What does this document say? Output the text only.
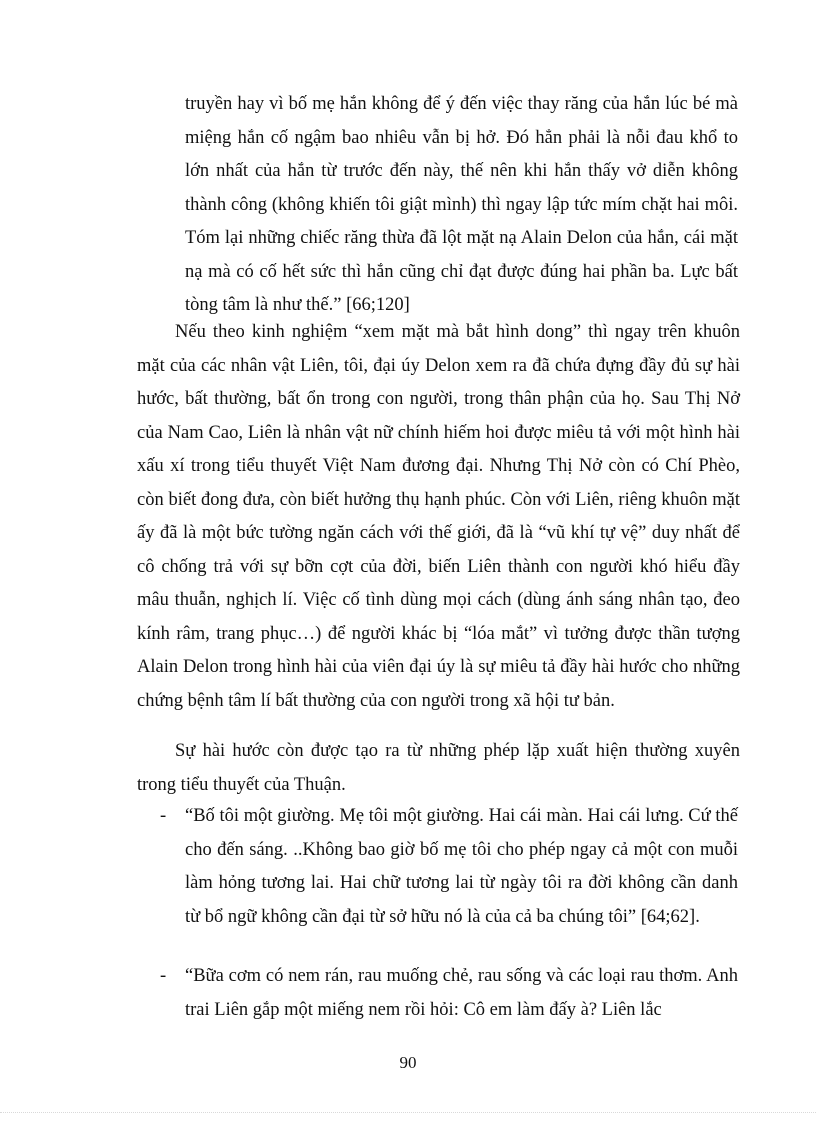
truyền hay vì bố mẹ hắn không để ý đến việc thay răng của hắn lúc bé mà miệng hắn cố ngậm bao nhiêu vẫn bị hở. Đó hẳn phải là nỗi đau khổ to lớn nhất của hắn từ trước đến này, thế nên khi hắn thấy vở diễn không thành công (không khiến tôi giật mình) thì ngay lập tức mím chặt hai môi. Tóm lại những chiếc răng thừa đã lột mặt nạ Alain Delon của hắn, cái mặt nạ mà có cố hết sức thì hắn cũng chỉ đạt được đúng hai phần ba. Lực bất tòng tâm là như thế.” [66;120]
Nếu theo kinh nghiệm “xem mặt mà bắt hình dong” thì ngay trên khuôn mặt của các nhân vật Liên, tôi, đại úy Delon xem ra đã chứa đựng đầy đủ sự hài hước, bất thường, bất ổn trong con người, trong thân phận của họ. Sau Thị Nở của Nam Cao, Liên là nhân vật nữ chính hiếm hoi được miêu tả với một hình hài xấu xí trong tiểu thuyết Việt Nam đương đại. Nhưng Thị Nở còn có Chí Phèo, còn biết đong đưa, còn biết hưởng thụ hạnh phúc. Còn với Liên, riêng khuôn mặt ấy đã là một bức tường ngăn cách với thế giới, đã là “vũ khí tự vệ” duy nhất để cô chống trả với sự bỡn cợt của đời, biến Liên thành con người khó hiểu đầy mâu thuẫn, nghịch lí. Việc cố tình dùng mọi cách (dùng ánh sáng nhân tạo, đeo kính râm, trang phục…) để người khác bị “lóa mắt” vì tưởng được thần tượng Alain Delon trong hình hài của viên đại úy là sự miêu tả đầy hài hước cho những chứng bệnh tâm lí bất thường của con người trong xã hội tư bản.
Sự hài hước còn được tạo ra từ những phép lặp xuất hiện thường xuyên trong tiểu thuyết của Thuận.
- “Bố tôi một giường. Mẹ tôi một giường. Hai cái màn. Hai cái lưng. Cứ thế cho đến sáng. ..Không bao giờ bố mẹ tôi cho phép ngay cả một con muỗi làm hỏng tương lai. Hai chữ tương lai từ ngày tôi ra đời không cần danh từ bổ ngữ không cần đại từ sở hữu nó là của cả ba chúng tôi” [64;62].
- “Bữa cơm có nem rán, rau muống chẻ, rau sống và các loại rau thơm. Anh trai Liên gắp một miếng nem rồi hỏi: Cô em làm đấy à? Liên lắc
90
